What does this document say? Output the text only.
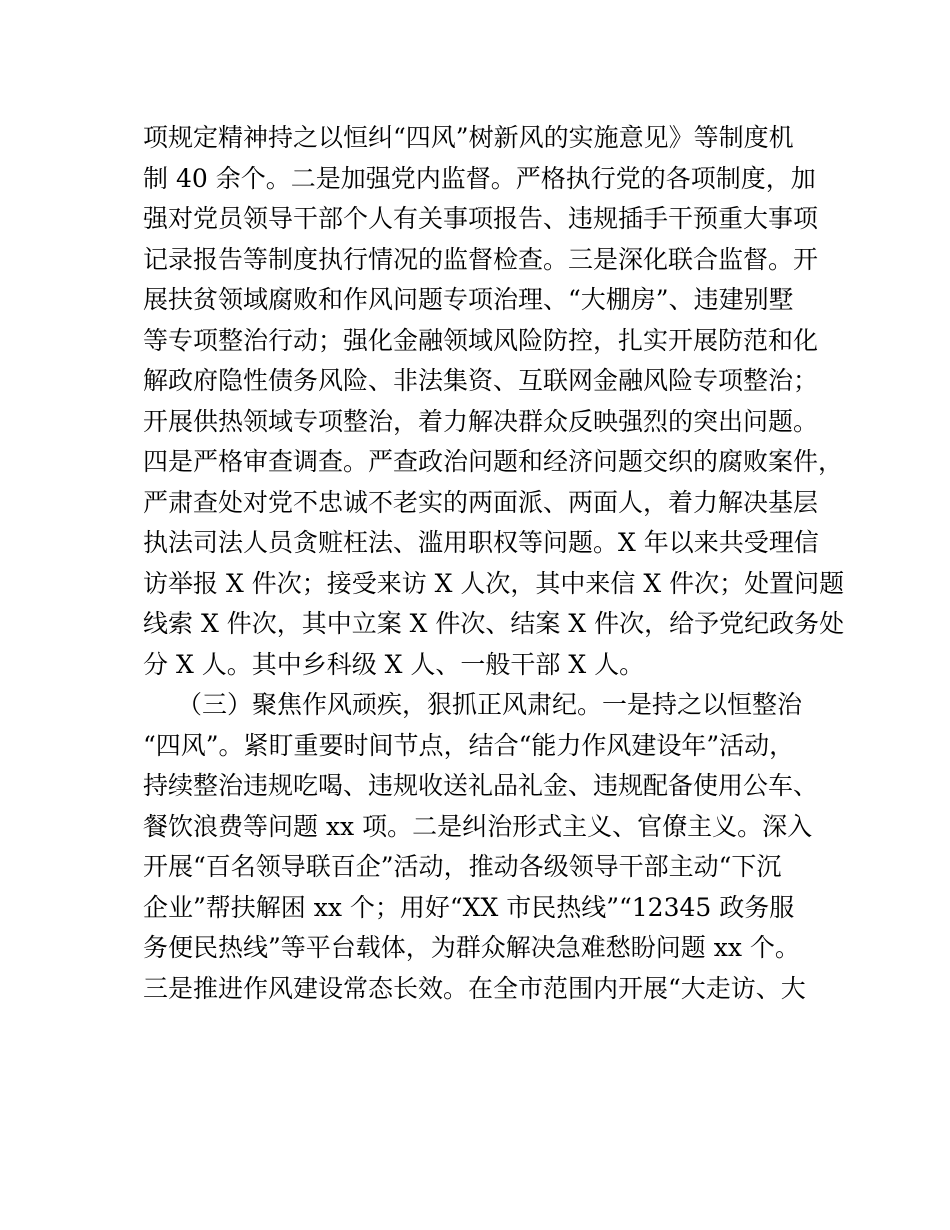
项规定精神持之以恒纠“四风”树新风的实施意见》等制度机
制 40 余个。二是加强党内监督。严格执行党的各项制度，加
强对党员领导干部个人有关事项报告、违规插手干预重大事项
记录报告等制度执行情况的监督检查。三是深化联合监督。开
展扶贫领域腐败和作风问题专项治理、“大棚房”、违建别墅
等专项整治行动；强化金融领域风险防控，扎实开展防范和化
解政府隐性债务风险、非法集资、互联网金融风险专项整治；
开展供热领域专项整治，着力解决群众反映强烈的突出问题。
四是严格审查调查。严查政治问题和经济问题交织的腐败案件，
严肃查处对党不忠诚不老实的两面派、两面人，着力解决基层
执法司法人员贪赃枉法、滥用职权等问题。X 年以来共受理信
访举报 X 件次；接受来访 X 人次，其中来信 X 件次；处置问题
线索 X 件次，其中立案 X 件次、结案 X 件次，给予党纪政务处
分 X 人。其中乡科级 X 人、一般干部 X 人。
（三）聚焦作风顽疾，狠抓正风肃纪。一是持之以恒整治
“四风”。紧盯重要时间节点，结合“能力作风建设年”活动，
持续整治违规吃喝、违规收送礼品礼金、违规配备使用公车、
餐饮浪费等问题 xx 项。二是纠治形式主义、官僚主义。深入
开展“百名领导联百企”活动，推动各级领导干部主动“下沉
企业”帮扶解困 xx 个；用好“XX 市民热线”“12345 政务服
务便民热线”等平台载体，为群众解决急难愁盼问题 xx 个。
三是推进作风建设常态长效。在全市范围内开展“大走访、大
